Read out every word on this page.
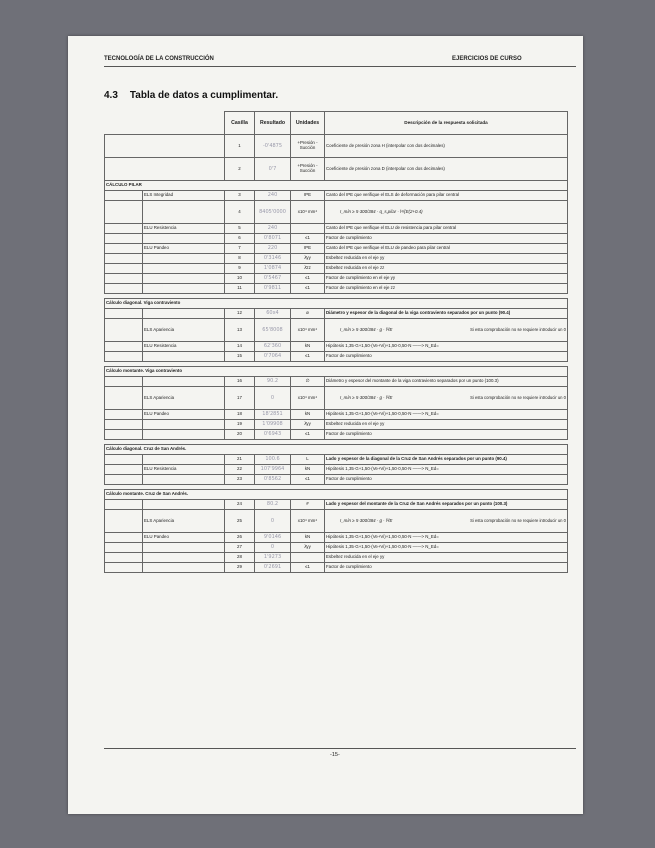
TECNOLOGÍA DE LA CONSTRUCCIÓN	EJERCICIOS DE CURSO
4.3 Tabla de datos a cumplimentar.
		Casilla	Resultado	Unidades	Descripción de la respuesta solicitada
		1	-0'4875	+Presión -Succión	Coeficiente de presión zona H (interpolar con dos decimales)
		2	0'7	+Presión -Succión	Coeficiente de presión zona D (interpolar con dos decimales)
CÁLCULO PILAR					
	ELS Integridad	3	240	IPE	Canto del IPE que verifique el ELS de deformación para pilar central
		4	8405'0000	x10⁴ mm⁴	I_mín ≥ 5·300/384 · q_s,pilar · l⁴/(E(2+0.4)
	ELU Resistencia	5	240		Canto del IPE que verifique el ELU de resistencia para pilar central
		6	0'8071	≤1	Factor de cumplimiento
	ELU Pandeo	7	220	IPE	Canto del IPE que verifique el ELU de pandeo para pilar central
		8	0'3146	λ̄yy	Esbeltez reducida en el eje yy
		9	1'0874	λ̄zz	Esbeltez reducida en el eje zz
		10	0'5467	≤1	Factor de cumplimiento en el eje yy
		11	0'9811	≤1	Factor de cumplimiento en el eje zz

Cálculo diagonal. Viga contraviento					
		12	60x4	ø	Diámetro y espesor de la diagonal de la viga contraviento separados por un punto (90.4)
	ELS Apariencia	13	65'8008	x10⁴ mm⁴	I_mín ≥ 5·300/384 · g · l³/E Si esta comprobación no se requiere introducir un 0

	ELU Resistencia	14	62'360	kN	Hipótesis 1,35·G+1,50·(Ve+Vi)+1,50·0,50·N ——> N_Ed=
		15	0'7064	≤1	Factor de cumplimiento

Cálculo montante. Viga contraviento					
		16	90.2	∅	Diámetro y espesor del montante de la viga contraviento separados por un punto (100.3)
	ELS Apariencia	17	0	x10⁴ mm⁴	I_mín ≥ 5·300/384 · g · l³/E Si esta comprobación no se requiere introducir un 0

	ELU Pandeo	18	18'2851	kN	Hipótesis 1,35·G+1,50·(Ve+Vi)+1,50·0,50·N ——> N_Ed=
		19	1'09908	λ̄yy	Esbeltez reducida en el eje yy
		20	0'6943	≤1	Factor de cumplimiento

Cálculo diagonal. Cruz de San Andrés.					
		21	100.6	L	Lado y espesor de la diagonal de la Cruz de San Andrés separados por un punto (90.4)
	ELU Resistencia	22	107'9964	kN	Hipótesis 1,35·G+1,50·(Ve+Vi)+1,50·0,50·N ——> N_Ed=
		23	0'8562	≤1	Factor de cumplimiento

Cálculo montante. Cruz de San Andrés.					
		24	80.2	#	Lado y espesor del montante de la Cruz de San Andrés separados por un punto (100.3)
	ELS Apariencia	25	0	x10⁴ mm⁴	I_mín ≥ 5·300/384 · g · l³/E Si esta comprobación no se requiere introducir un 0

	ELU Pandeo	26	9'0146	kN	Hipótesis 1,35·G+1,50·(Ve+Vi)+1,50·0,50·N ——> N_Ed=
		27	0	λ̄yy	Hipótesis 1,35·G+1,50·(Ve+Vi)+1,50·0,50·N ——> N_Ed=
		28	1'9273		Esbeltez reducida en el eje yy
		29	0'2691	≤1	Factor de cumplimiento
-15-
